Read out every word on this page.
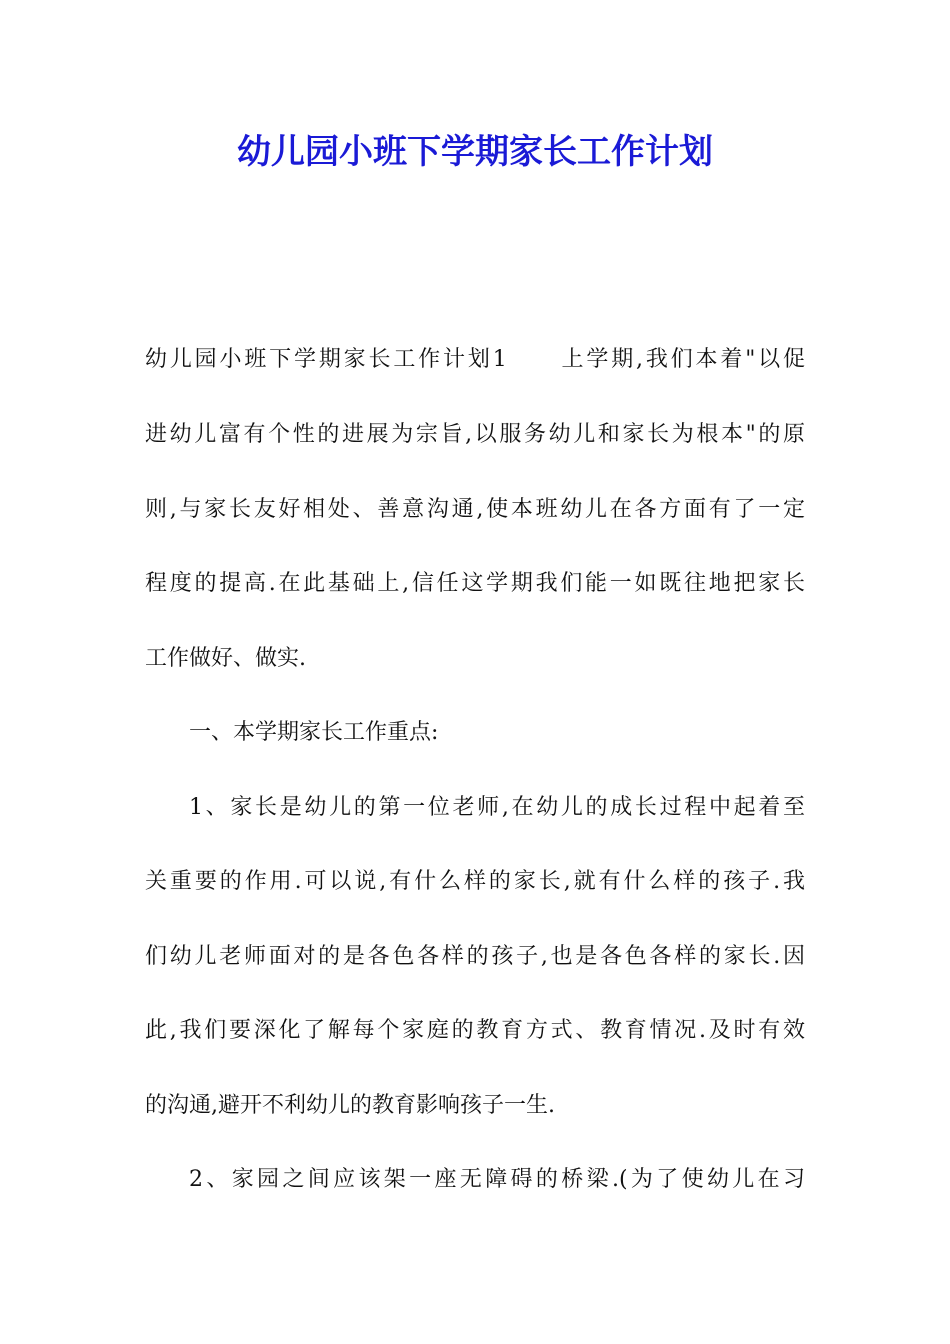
幼儿园小班下学期家长工作计划
幼儿园小班下学期家长工作计划1 上学期,我们本着"以促
进幼儿富有个性的进展为宗旨,以服务幼儿和家长为根本"的原
则,与家长友好相处、善意沟通,使本班幼儿在各方面有了一定
程度的提高.在此基础上,信任这学期我们能一如既往地把家长
工作做好、做实.
一、本学期家长工作重点:
1、家长是幼儿的第一位老师,在幼儿的成长过程中起着至
关重要的作用.可以说,有什么样的家长,就有什么样的孩子.我
们幼儿老师面对的是各色各样的孩子,也是各色各样的家长.因
此,我们要深化了解每个家庭的教育方式、教育情况.及时有效
的沟通,避开不利幼儿的教育影响孩子一生.
2、家园之间应该架一座无障碍的桥梁.(为了使幼儿在习
